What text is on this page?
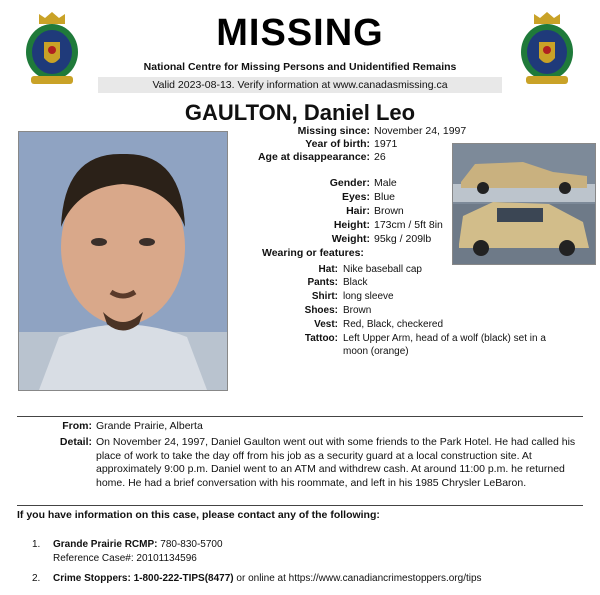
MISSING
National Centre for Missing Persons and Unidentified Remains
Valid 2023-08-13. Verify information at www.canadasmissing.ca
GAULTON, Daniel Leo
Missing since:
Year of birth:
Age at disappearance:
Gender:
Eyes:
Hair:
Height:
Weight:
November 24, 1997
1971
26
Male
Blue
Brown
173cm / 5ft 8in
95kg / 209lb
Wearing or features:
Hat: Nike baseball cap
Pants: Black
Shirt: long sleeve
Shoes: Brown
Vest: Red, Black, checkered
Tattoo: Left Upper Arm, head of a wolf (black) set in a moon (orange)
From: Grande Prairie, Alberta
Detail: On November 24, 1997, Daniel Gaulton went out with some friends to the Park Hotel. He had called his place of work to take the day off from his job as a security guard at a local construction site. At approximately 9:00 p.m. Daniel went to an ATM and withdrew cash. At around 11:00 p.m. he returned home. He had a brief conversation with his roommate, and left in his 1985 Chrysler LeBaron.
If you have information on this case, please contact any of the following:
1. Grande Prairie RCMP: 780-830-5700
Reference Case#: 20101134596
2. Crime Stoppers: 1-800-222-TIPS(8477) or online at https://www.canadiancrimestoppers.org/tips
